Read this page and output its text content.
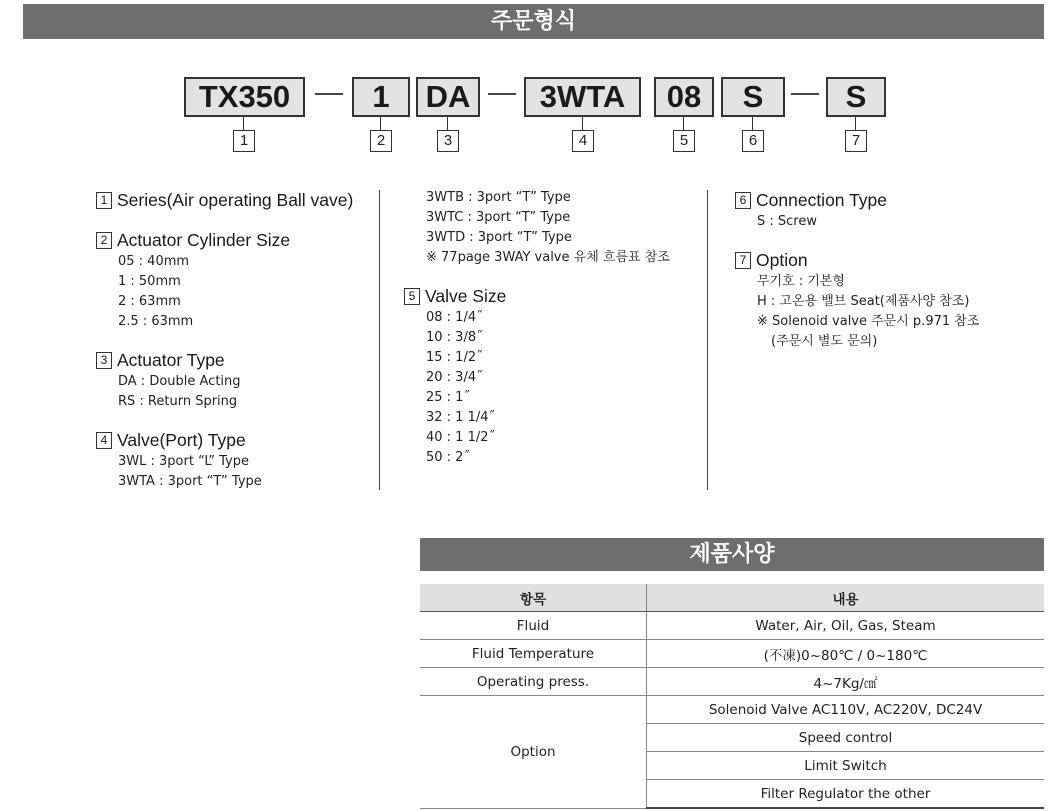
주문형식
TX350	1	DA	3WTA	08	S	S
1	2	3	4	5	6	7
1 Series(Air operating Ball vave)
2 Actuator Cylinder Size
05 : 40mm
1 : 50mm
2 : 63mm
2.5 : 63mm
3 Actuator Type
DA : Double Acting
RS : Return Spring
4 Valve(Port) Type
3WL : 3port “L” Type
3WTA : 3port “T” Type
3WTB : 3port “T” Type
3WTC : 3port “T” Type
3WTD : 3port “T” Type
※ 77page 3WAY valve 유체 흐름표 참조
5 Valve Size
08 : 1/4˝
10 : 3/8˝
15 : 1/2˝
20 : 3/4˝
25 : 1˝
32 : 1 1/4˝
40 : 1 1/2˝
50 : 2˝
6 Connection Type
S : Screw
7 Option
무기호 : 기본형
H : 고온용 밸브 Seat(제품사양 참조)
※ Solenoid valve 주문시 p.971 참조
(주문시 별도 문의)
제품사양
항목	내용
Fluid	Water, Air, Oil, Gas, Steam
Fluid Temperature	(不凍)0~80℃ / 0~180℃
Operating press.	4~7Kg/㎠
Option	Solenoid Valve AC110V, AC220V, DC24V
	Speed control
	Limit Switch
	Filter Regulator the other
